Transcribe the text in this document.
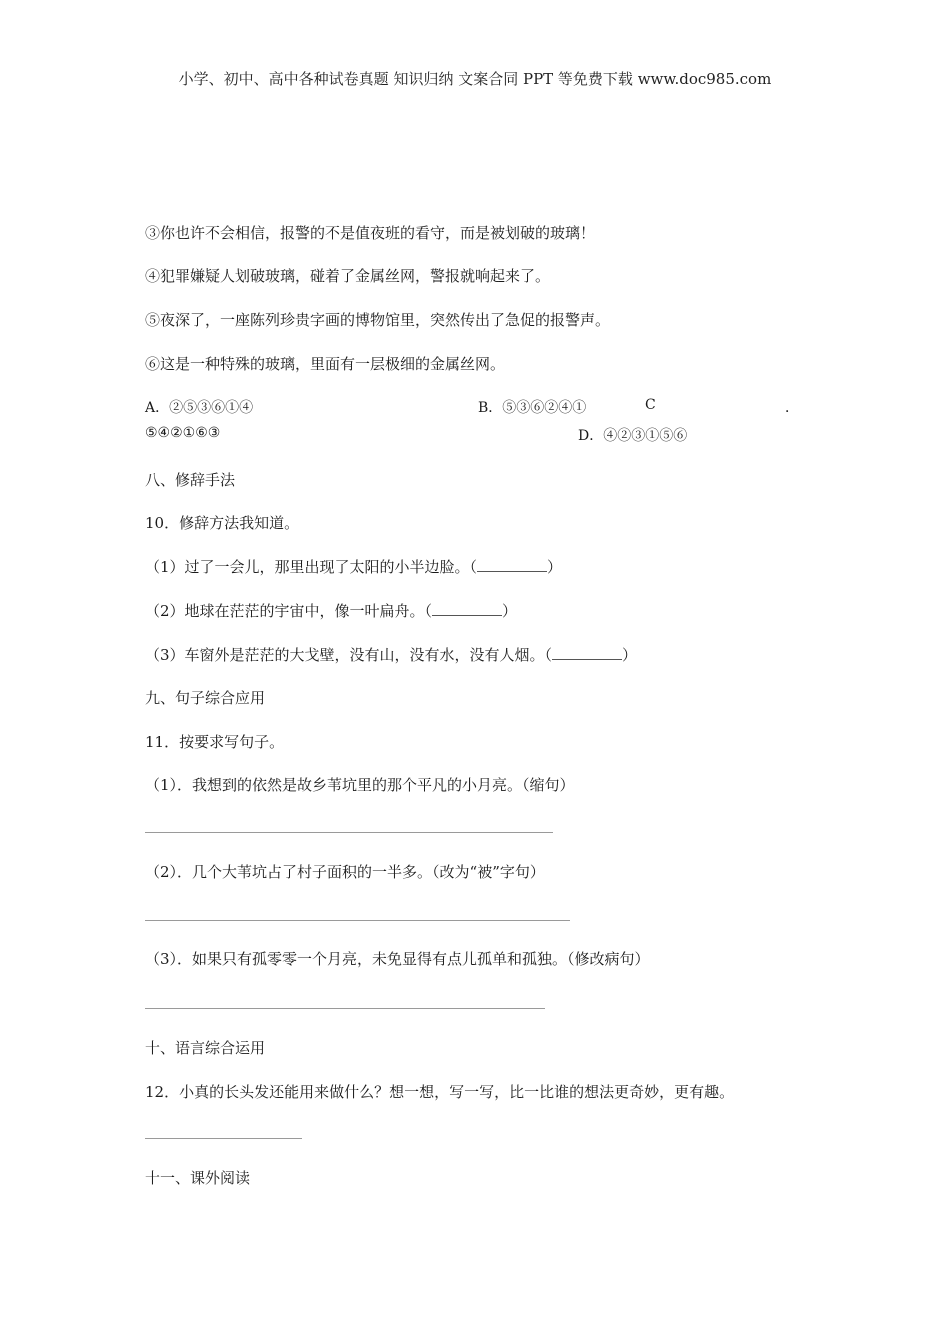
小学、初中、高中各种试卷真题 知识归纳 文案合同 PPT 等免费下载 www.doc985.com
③你也许不会相信，报警的不是值夜班的看守，而是被划破的玻璃！
④犯罪嫌疑人划破玻璃，碰着了金属丝网，警报就响起来了。
⑤夜深了，一座陈列珍贵字画的博物馆里，突然传出了急促的报警声。
⑥这是一种特殊的玻璃，里面有一层极细的金属丝网。
A．②⑤③⑥①④	B．⑤③⑥②④①	C	．
⑤④②①⑥③	D．④②③①⑤⑥
八、修辞手法
10．修辞方法我知道。
（1）过了一会儿，那里出现了太阳的小半边脸。（	）
（2）地球在茫茫的宇宙中，像一叶扁舟。（	）
（3）车窗外是茫茫的大戈壁，没有山，没有水，没有人烟。（	）
九、句子综合应用
11．按要求写句子。
（1）．我想到的依然是故乡苇坑里的那个平凡的小月亮。（缩句）
（2）．几个大苇坑占了村子面积的一半多。（改为“被”字句）
（3）．如果只有孤零零一个月亮，未免显得有点儿孤单和孤独。（修改病句）
十、语言综合运用
12．小真的长头发还能用来做什么？想一想，写一写，比一比谁的想法更奇妙，更有趣。
十一、课外阅读
